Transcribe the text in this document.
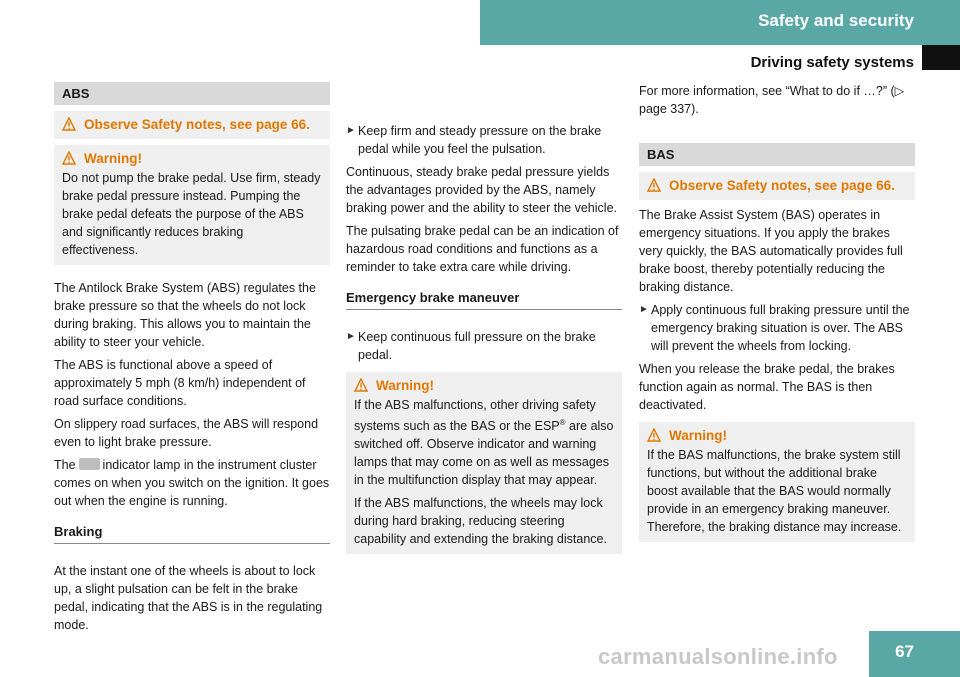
Safety and security
Driving safety systems
ABS
Observe Safety notes, see page 66.
Warning!
Do not pump the brake pedal. Use firm, steady brake pedal pressure instead. Pumping the brake pedal defeats the purpose of the ABS and significantly reduces braking effectiveness.

The Antilock Brake System (ABS) regulates the brake pressure so that the wheels do not lock during braking. This allows you to maintain the ability to steer your vehicle.

The ABS is functional above a speed of approximately 5 mph (8 km/h) independent of road surface conditions.

On slippery road surfaces, the ABS will respond even to light brake pressure.

The indicator lamp in the instrument cluster comes on when you switch on the ignition. It goes out when the engine is running.

Braking

At the instant one of the wheels is about to lock up, a slight pulsation can be felt in the brake pedal, indicating that the ABS is in the regulating mode.

For more information, see “What to do if …?” (▷ page 337).

BAS
Observe Safety notes, see page 66.

The Brake Assist System (BAS) operates in emergency situations. If you apply the brakes very quickly, the BAS automatically provides full brake boost, thereby potentially reducing the braking distance.

► Apply continuous full braking pressure until the emergency braking situation is over. The ABS will prevent the wheels from locking.

When you release the brake pedal, the brakes function again as normal. The BAS is then deactivated.

Warning!
If the BAS malfunctions, the brake system still functions, but without the additional brake boost available that the BAS would normally provide in an emergency braking maneuver. Therefore, the braking distance may increase.
► Keep firm and steady pressure on the brake pedal while you feel the pulsation.

Continuous, steady brake pedal pressure yields the advantages provided by the ABS, namely braking power and the ability to steer the vehicle.

The pulsating brake pedal can be an indication of hazardous road conditions and functions as a reminder to take extra care while driving.

Emergency brake maneuver
► Keep continuous full pressure on the brake pedal.
Warning!
If the ABS malfunctions, other driving safety systems such as the BAS or the ESP® are also switched off. Observe indicator and warning lamps that may come on as well as messages in the multifunction display that may appear.
If the ABS malfunctions, the wheels may lock during hard braking, reducing steering capability and extending the braking distance.
carmanualsonline.info	67
